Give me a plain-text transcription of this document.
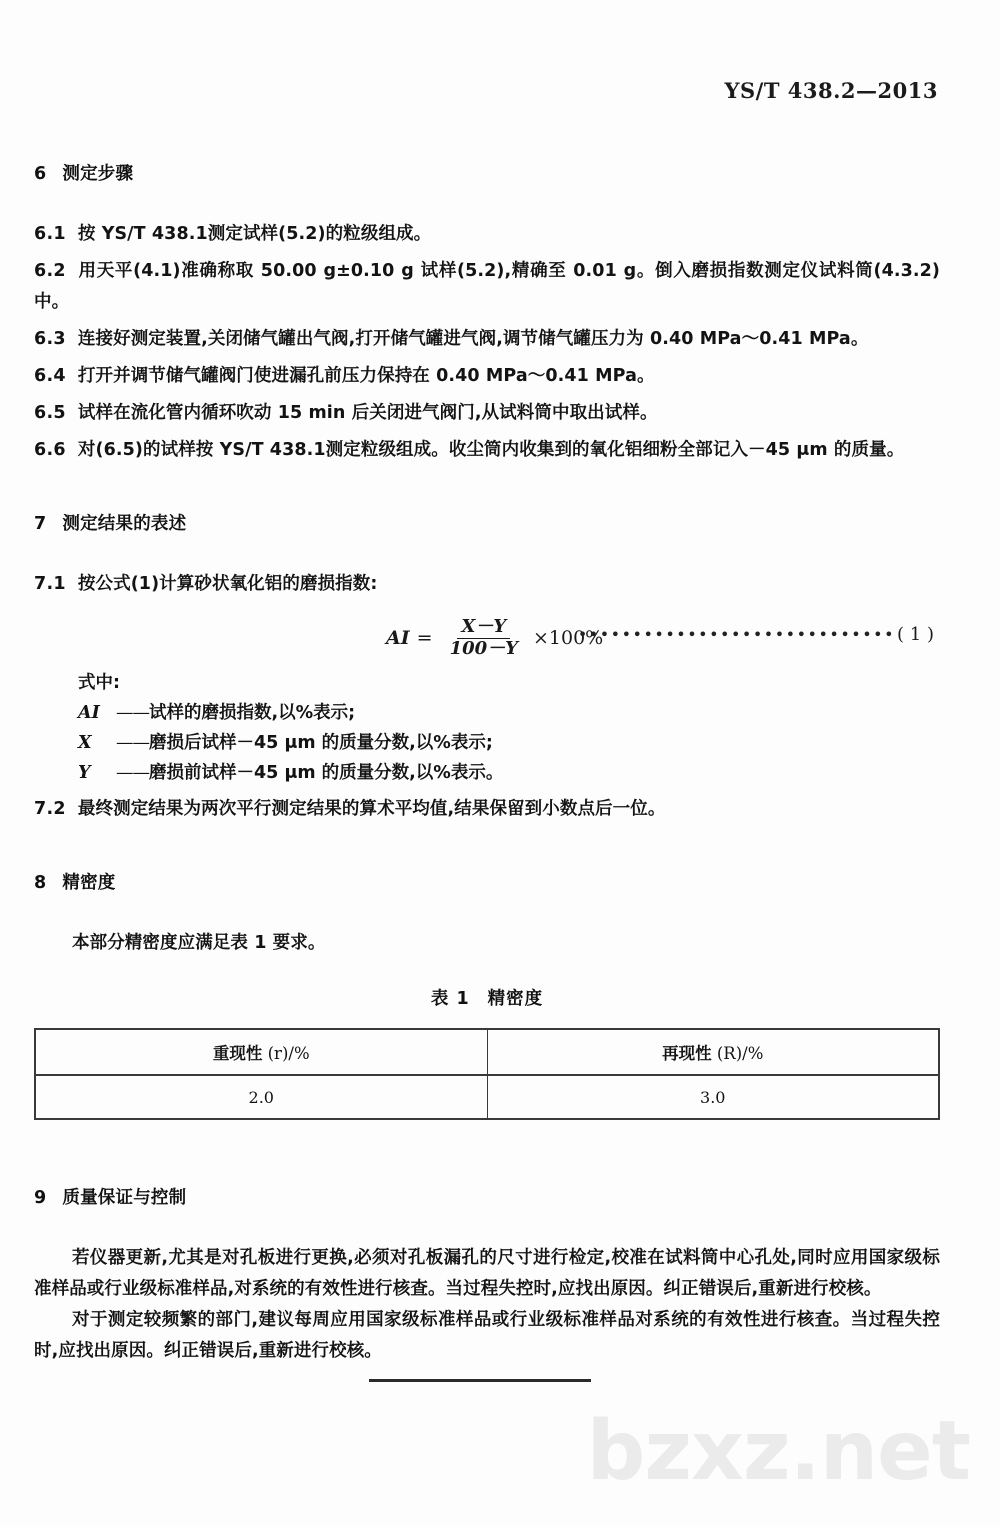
bzxz.net
YS/T 438.2—2013
6 测定步骤

6.1 按 YS/T 438.1测定试样(5.2)的粒级组成。

6.2 用天平(4.1)准确称取 50.00 g±0.10 g 试样(5.2),精确至 0.01 g。倒入磨损指数测定仪试料筒(4.3.2)中。

6.3 连接好测定装置,关闭储气罐出气阀,打开储气罐进气阀,调节储气罐压力为 0.40 MPa～0.41 MPa。

6.4 打开并调节储气罐阀门使进漏孔前压力保持在 0.40 MPa～0.41 MPa。

6.5 试样在流化管内循环吹动 15 min 后关闭进气阀门,从试料筒中取出试样。

6.6 对(6.5)的试样按 YS/T 438.1测定粒级组成。收尘筒内收集到的氧化铝细粉全部记入－45 μm 的质量。

7 测定结果的表述

7.1 按公式(1)计算砂状氧化铝的磨损指数:

AI = $\frac{X-Y}{100-Y} \times 100\%$
••••••••••••••••••••••••••••• ( 1 )
式中:
AI ——试样的磨损指数,以%表示;
X ——磨损后试样－45 μm 的质量分数,以%表示;
Y ——磨损前试样－45 μm 的质量分数,以%表示。

7.2 最终测定结果为两次平行测定结果的算术平均值,结果保留到小数点后一位。

8 精密度

本部分精密度应满足表 1 要求。

表 1 精密度
重现性 (r)/%	再现性 (R)/%
2.0	3.0
9 质量保证与控制

若仪器更新,尤其是对孔板进行更换,必须对孔板漏孔的尺寸进行检定,校准在试料筒中心孔处,同时应用国家级标准样品或行业级标准样品,对系统的有效性进行核查。当过程失控时,应找出原因。纠正错误后,重新进行校核。

对于测定较频繁的部门,建议每周应用国家级标准样品或行业级标准样品对系统的有效性进行核查。当过程失控时,应找出原因。纠正错误后,重新进行校核。
